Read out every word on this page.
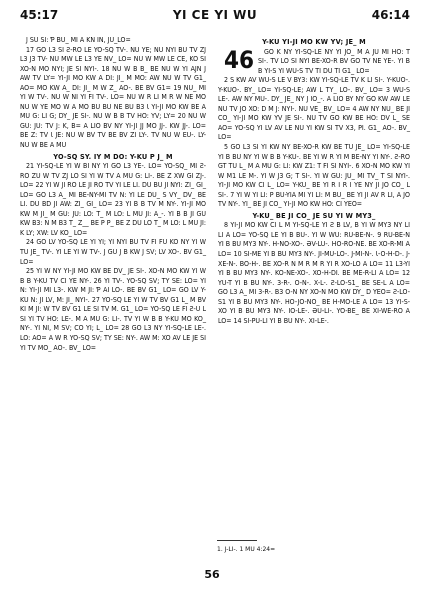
45:17	YI CE YI WU	46:14

J SU SI: Ƥ BU_ MI A KN IN, JU_LO=

17 GO L3 SI Ƨ-RO LE YO-SQ TV-. NU YE; NU NYI BU TV ZJ L3 J3 TV- NU MW LE L3 YE NV_ LO= NU W MW LE CE, KO SI XO-N MO NYI; JE SI NYI-. 18 NU W B B_ BE NU W YI AJN J AW TV LY= YI-JI MO KW A DI: JI_ M MO: AW NU W TV G1_ AO= MO KW A_ DI: JI_ M W Z_ AO-. BE BV G1= 19 NU_ MI YI W TV-. NU W NI YI FI TV-. LO= NU W R LI M R W NE MO NU W YE MO W A MO BU BU NE BU B3 Ɩ YI-JI MO KW BE A MU G: LI G; DY_ JE SI-. NU W B B TV HO: YV; LY= 20 NU W GU: JU: TV J: K, B= A LIO BV NY YI-JI JJ MO JJ-. KW JJ-. LO= BE Z: TV Ɩ JE: NU W BV TV BE BV ZI LY-. TV NU W EU-. LY- NU W BE A MU

YO-SQ SY. IY M DO: Y-KU P J_ M

21 YI-SQ-LE YI W BI NY YI GO L3 YE-. LO= YO-SQ_ MI Ƨ-RO ZU W TV ZJ LO SI YI W TV A MU G: LI-. BE Z XW GI ZJ-. LO= 22 YI W JI RO LE JI RO TV YI LE LI. DU BU JI NYI: ZI_ GI_ LO= GO L3 A_ MI BE-NY-MI TV N: YI LE DU_ S VY_ DV_ BE LI. DU BD JI AW: ZI_ GI_ LO= 23 YI B B TV M NY-. YI-JI MO KW M JI_ M GU: JU: LO: T_ M LO: L MU JI: A_-. YI B B JI GU KW B3: N M B3 T_ Z__ BE P P_ BE Z DU LO T_ M LO: L MU JI: K LY; XW: LV KO_ LO=

24 GO LV YO-SQ LE YI YI; YI NYI BU TV FI FU KO NY YI W TU JE_ TV-. YI LE YI W TV-. J GU J B KW J SV; LV XO-. BV G1_ LO=

25 YI W NY YI-JI MO KW BE DV_ JE SI-. XO-N MO KW YI W B B Y-KU TV CI YE NY-. 26 YI TV-. YO-SQ SV; TY SE: LO= YI N: YI-JI MI L3-. KW M JI: Ƥ AI LO-. BE BV G1_ LO= GO LV Y-KU N: JI LV, M: JI_ NYI-. 27 YO-SQ LE YI W TV BV G1 L_ M BV KI M JI: W TV BV G1 LE SI TV M. G1_ LO= YO-SQ LE FI Ƨ-U L SI YI TV HO: LE-. M A MU G: LI-. TV YI W B B Y-KU MO KO_ NY-. YI NI, M SV; CO YI; L_ LO= 28 GO L3 NY YI-SQ-LE LE-. LO: AO= A W R YO-SQ SV; TY SE: NY-. AW M: XO AV LE JE SI YI TV MO_ AO-. BV_ LO=

Y-KU YI-JI MO KW YV; JE_ M

46 GO K NY YI-SQ-LE NY YI JO_ M A JU MI HO: T SI-. TV LO SI NYI BE-XO-R BV GO TV NE YE-. YI B B YI-S YI WU-S TV TI DU TI G1_ LO=

2 S KW AV WU-S LE V BY3: KW YI-SQ-LE TV K LI SI-. Y-KUO-. Y-KUO-. BY_ LO= YI-SQ-LE; AW L TY_ LO-. BV_ LO= 3 WU-S LE-. AW NY MU-. DY_ JE_ NY J IO_-. A LIO BY NY GO KW AW LE NU TV JO XO: D M J: NYI-. NU VE_ BV_ LO= 4 AW NY NU_ BE JI CO_ YI-JI MO KW YV JE SI-. NU TV GO KW BE HO: DV L_ SE AO= YO-SQ YI LV AV LE NU YI KW SI TV X3, PI. G1_ AO-. BV_ LO=

5 GO L3 SI YI KW NY BE-XO-R KW BE TU JE_ LO= YI-SQ-LE YI B BU NY YI W B B Y-KU-. BE YI W R YI M BE-NY YI NY-. Ƨ-RO GT TU L_ M A MU G: LI: KW Z1: T FI SI NYI-. 6 XO-N MO KW YI W M1 LE M-. YI W J3 G; T SI-. YI W GU: JU_ MI TV_ T SI NYI-. YI-JI MO KW CI L_ LO= Y-KU_ BE YI R I R I YE NY JI JO CO_ L SI-. 7 YI W YI LI: P BU-YIA MI YI LI: M BU_ BE YI JI AV R LI, A JO TV NY-. YI_ BE JI CO_ YI-JI MO KW HO: CI YEO=

Y-KU_ BE JI CO_ JE SU YI W MY3_

8 YI-JI MO KW CI L M YI-SQ-LE YI Ƨ B LV, B YI W MY3 NY LI LI A LO= YO-SQ LE YI B BU-. YI W WU: RU-BE-N-. 9 RU-BE-N YI B BU MY3 NY-. H-NO-XO-. ƏV-LU-. HO-RO-NE. BE XO-R-MI A LO= 10 SI-ME YI B BU MY3 NY-. JI-MU-LO-. J-MI-N-. Ɩ-O-H-D-. J-XE-N-. BO-H-. BE XO-R N M R M R YI R XO-LO A LO= 11 L3-YI YI B BU MY3 NY-. KO-NE-XO-. XO-H-DI. BE ME-R-LI A LO= 12 YU-T YI B BU NY-. 3-R-. O-N-. X-L-. Ƨ-LO-S1_ BE SE-L A LO= GO L3 A_ MI 3-R-. B3 O-N NY XO-N MO KW DY_ D YEO= Ƨ-LO-S1 YI B BU MY3 NY-. HO-JO-NO_ BE H-MO-LE A LO= 13 YI-S-XO YI B BU MY3 NY-. IO-LE-. ƏU-LI-. YO-BE_ BE XI-WE-RO A LO= 14 SI-PU-LI YI B BU NY-. XI-LE-.

1. J-LI-. 1 MU 4:24=
56
